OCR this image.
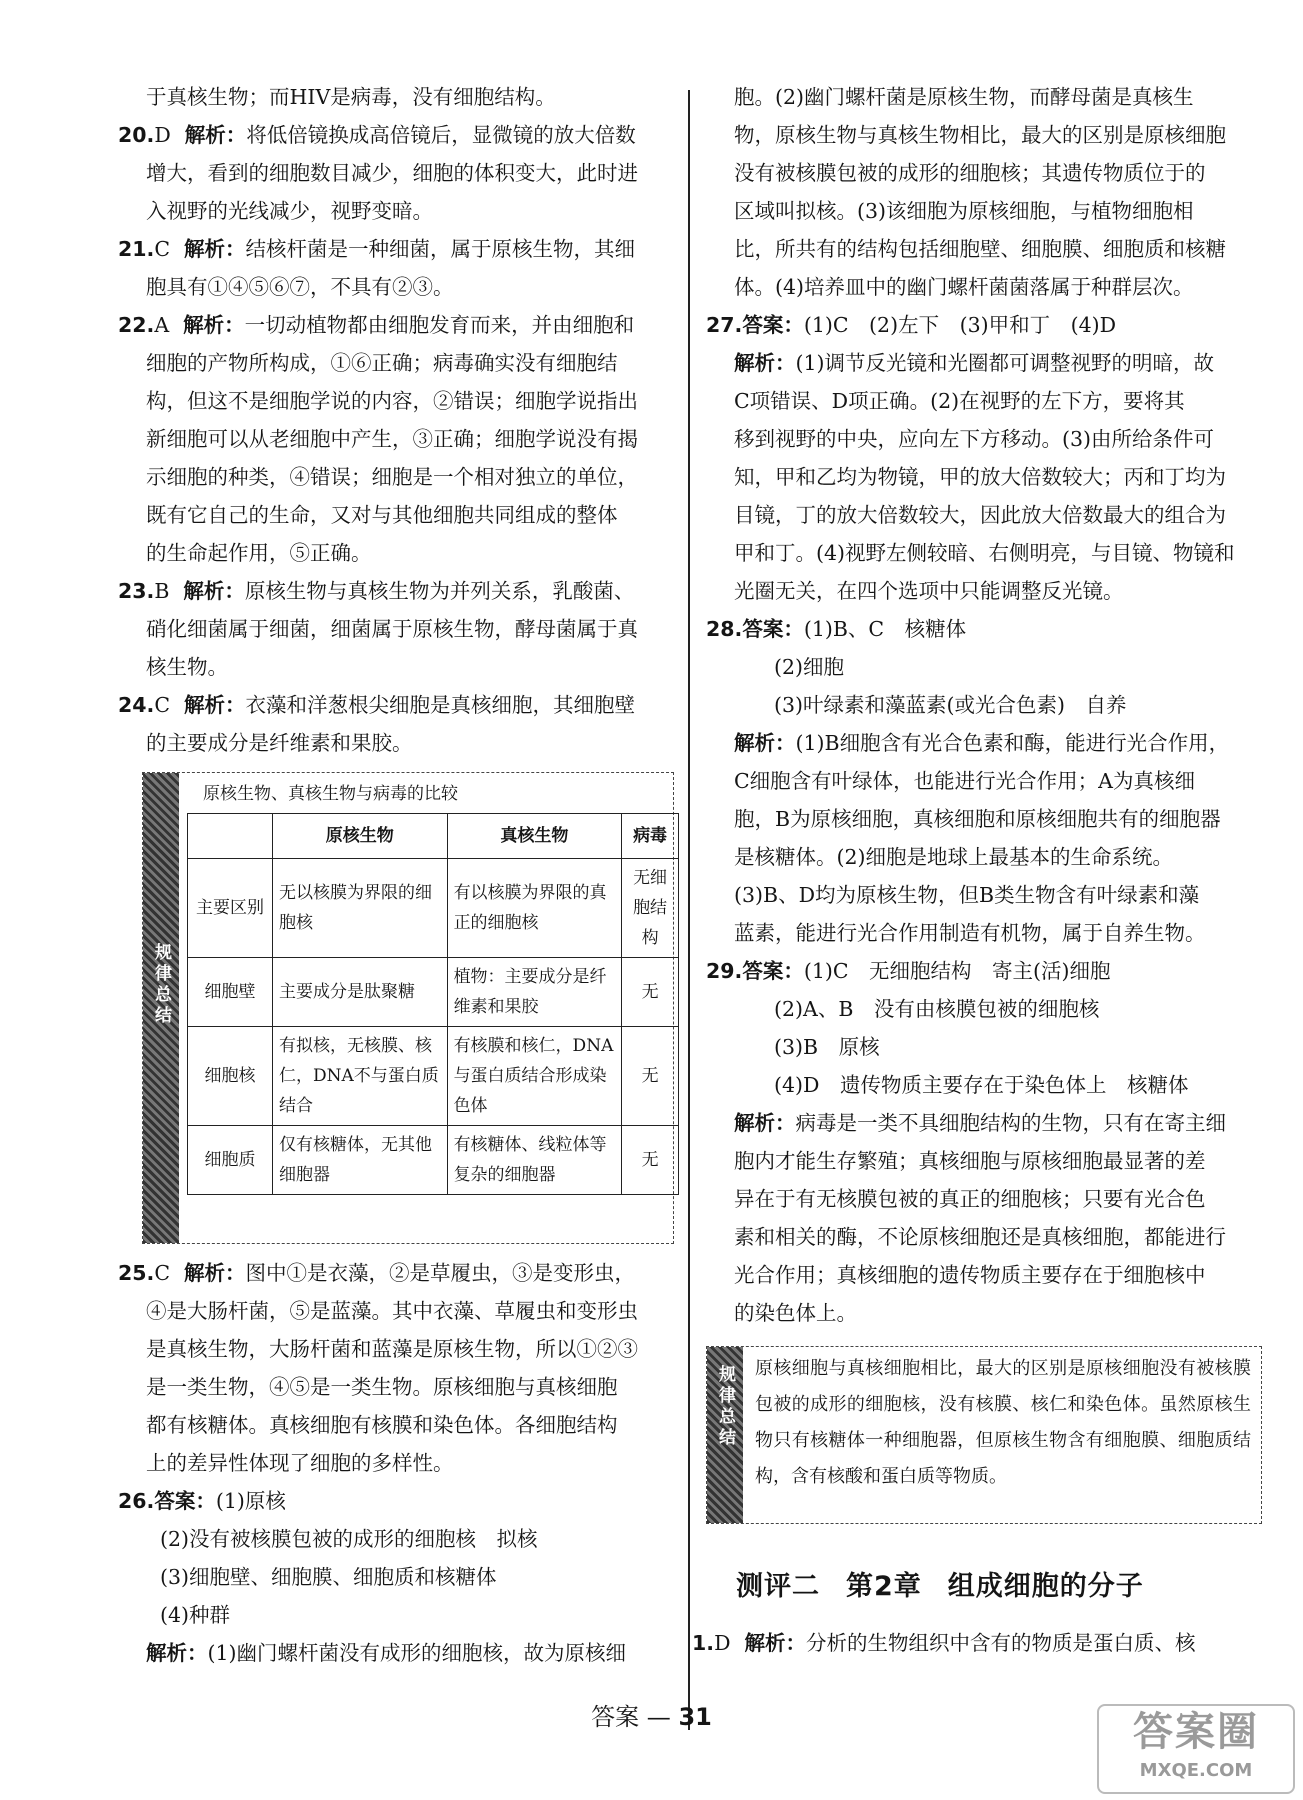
于真核生物；而HIV是病毒，没有细胞结构。

20.D 解析：将低倍镜换成高倍镜后，显微镜的放大倍数

增大，看到的细胞数目减少，细胞的体积变大，此时进

入视野的光线减少，视野变暗。

21.C 解析：结核杆菌是一种细菌，属于原核生物，其细

胞具有①④⑤⑥⑦，不具有②③。

22.A 解析：一切动植物都由细胞发育而来，并由细胞和

细胞的产物所构成，①⑥正确；病毒确实没有细胞结

构，但这不是细胞学说的内容，②错误；细胞学说指出

新细胞可以从老细胞中产生，③正确；细胞学说没有揭

示细胞的种类，④错误；细胞是一个相对独立的单位，

既有它自己的生命，又对与其他细胞共同组成的整体

的生命起作用，⑤正确。

23.B 解析：原核生物与真核生物为并列关系，乳酸菌、

硝化细菌属于细菌，细菌属于原核生物，酵母菌属于真

核生物。

24.C 解析：衣藻和洋葱根尖细胞是真核细胞，其细胞壁

的主要成分是纤维素和果胶。

规律总结
原核生物、真核生物与病毒的比较
	原核生物	真核生物	病毒
主要区别	无以核膜为界限的细胞核	有以核膜为界限的真正的细胞核	无细胞结构
细胞壁	主要成分是肽聚糖	植物：主要成分是纤维素和果胶	无
细胞核	有拟核，无核膜、核仁，DNA不与蛋白质结合	有核膜和核仁，DNA与蛋白质结合形成染色体	无
细胞质	仅有核糖体，无其他细胞器	有核糖体、线粒体等复杂的细胞器	无

25.C 解析：图中①是衣藻，②是草履虫，③是变形虫，

④是大肠杆菌，⑤是蓝藻。其中衣藻、草履虫和变形虫

是真核生物，大肠杆菌和蓝藻是原核生物，所以①②③

是一类生物，④⑤是一类生物。原核细胞与真核细胞

都有核糖体。真核细胞有核膜和染色体。各细胞结构

上的差异性体现了细胞的多样性。

26.答案：(1)原核

(2)没有被核膜包被的成形的细胞核　拟核

(3)细胞壁、细胞膜、细胞质和核糖体

(4)种群

解析：(1)幽门螺杆菌没有成形的细胞核，故为原核细

胞。(2)幽门螺杆菌是原核生物，而酵母菌是真核生

物，原核生物与真核生物相比，最大的区别是原核细胞

没有被核膜包被的成形的细胞核；其遗传物质位于的

区域叫拟核。(3)该细胞为原核细胞，与植物细胞相

比，所共有的结构包括细胞壁、细胞膜、细胞质和核糖

体。(4)培养皿中的幽门螺杆菌菌落属于种群层次。

27.答案：(1)C　(2)左下　(3)甲和丁　(4)D

解析：(1)调节反光镜和光圈都可调整视野的明暗，故

C项错误、D项正确。(2)在视野的左下方，要将其

移到视野的中央，应向左下方移动。(3)由所给条件可

知，甲和乙均为物镜，甲的放大倍数较大；丙和丁均为

目镜，丁的放大倍数较大，因此放大倍数最大的组合为

甲和丁。(4)视野左侧较暗、右侧明亮，与目镜、物镜和

光圈无关，在四个选项中只能调整反光镜。

28.答案：(1)B、C　核糖体

(2)细胞

(3)叶绿素和藻蓝素(或光合色素)　自养

解析：(1)B细胞含有光合色素和酶，能进行光合作用，

C细胞含有叶绿体，也能进行光合作用；A为真核细

胞，B为原核细胞，真核细胞和原核细胞共有的细胞器

是核糖体。(2)细胞是地球上最基本的生命系统。

(3)B、D均为原核生物，但B类生物含有叶绿素和藻

蓝素，能进行光合作用制造有机物，属于自养生物。

29.答案：(1)C　无细胞结构　寄主(活)细胞

(2)A、B　没有由核膜包被的细胞核

(3)B　原核

(4)D　遗传物质主要存在于染色体上　核糖体

解析：病毒是一类不具细胞结构的生物，只有在寄主细

胞内才能生存繁殖；真核细胞与原核细胞最显著的差

异在于有无核膜包被的真正的细胞核；只要有光合色

素和相关的酶，不论原核细胞还是真核细胞，都能进行

光合作用；真核细胞的遗传物质主要存在于细胞核中

的染色体上。

规律总结 原核细胞与真核细胞相比，最大的区别是原核细胞没有被核膜包被的成形的细胞核，没有核膜、核仁和染色体。虽然原核生物只有核糖体一种细胞器，但原核生物含有细胞膜、细胞质结构，含有核酸和蛋白质等物质。

测评二 第2章 组成细胞的分子

1.D 解析：分析的生物组织中含有的物质是蛋白质、核

答案 — 31	答案圈
MXQE.COM
